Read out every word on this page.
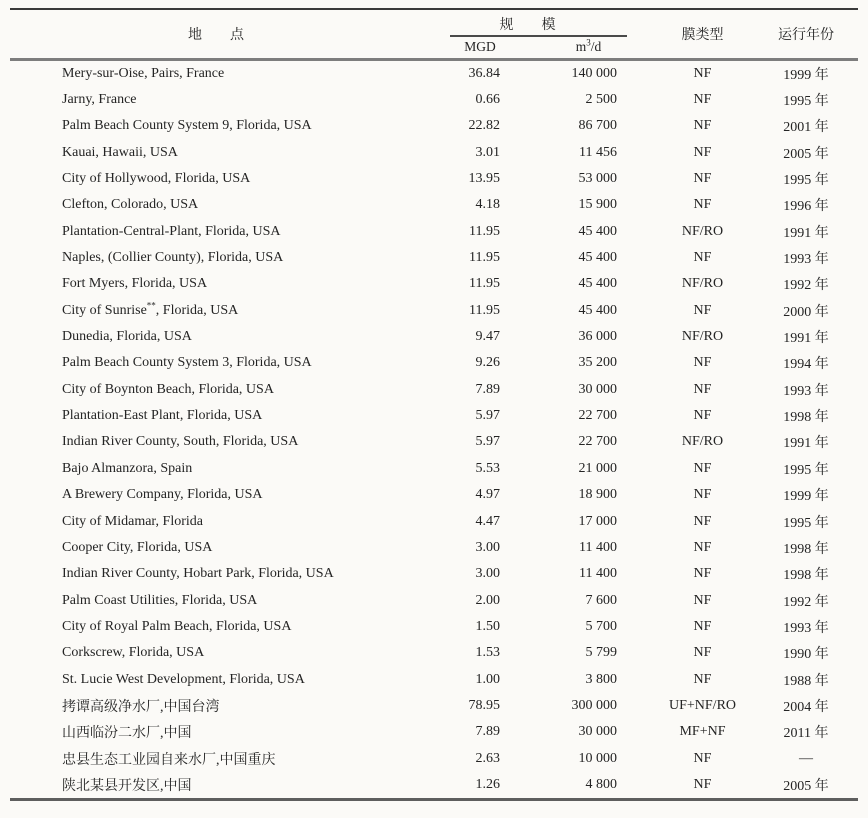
地　　点	规　　模		膜类型	运行年份
	MGD	$m^3/d$		
Mery-sur-Oise, Pairs, France	36.84	140 000	NF	1999 年
Jarny, France	0.66	2 500	NF	1995 年
Palm Beach County System 9, Florida, USA	22.82	86 700	NF	2001 年
Kauai, Hawaii, USA	3.01	11 456	NF	2005 年
City of Hollywood, Florida, USA	13.95	53 000	NF	1995 年
Clefton, Colorado, USA	4.18	15 900	NF	1996 年
Plantation-Central-Plant, Florida, USA	11.95	45 400	NF/RO	1991 年
Naples, (Collier County), Florida, USA	11.95	45 400	NF	1993 年
Fort Myers, Florida, USA	11.95	45 400	NF/RO	1992 年
City of Sunrise**, Florida, USA	11.95	45 400	NF	2000 年
Dunedia, Florida, USA	9.47	36 000	NF/RO	1991 年
Palm Beach County System 3, Florida, USA	9.26	35 200	NF	1994 年
City of Boynton Beach, Florida, USA	7.89	30 000	NF	1993 年
Plantation-East Plant, Florida, USA	5.97	22 700	NF	1998 年
Indian River County, South, Florida, USA	5.97	22 700	NF/RO	1991 年
Bajo Almanzora, Spain	5.53	21 000	NF	1995 年
A Brewery Company, Florida, USA	4.97	18 900	NF	1999 年
City of Midamar, Florida	4.47	17 000	NF	1995 年
Cooper City, Florida, USA	3.00	11 400	NF	1998 年
Indian River County, Hobart Park, Florida, USA	3.00	11 400	NF	1998 年
Palm Coast Utilities, Florida, USA	2.00	7 600	NF	1992 年
City of Royal Palm Beach, Florida, USA	1.50	5 700	NF	1993 年
Corkscrew, Florida, USA	1.53	5 799	NF	1990 年
St. Lucie West Development, Florida, USA	1.00	3 800	NF	1988 年
拷谭高级净水厂,中国台湾	78.95	300 000	UF+NF/RO	2004 年
山西临汾二水厂,中国	7.89	30 000	MF+NF	2011 年
忠县生态工业园自来水厂,中国重庆	2.63	10 000	NF	—
陕北某县开发区,中国	1.26	4 800	NF	2005 年
